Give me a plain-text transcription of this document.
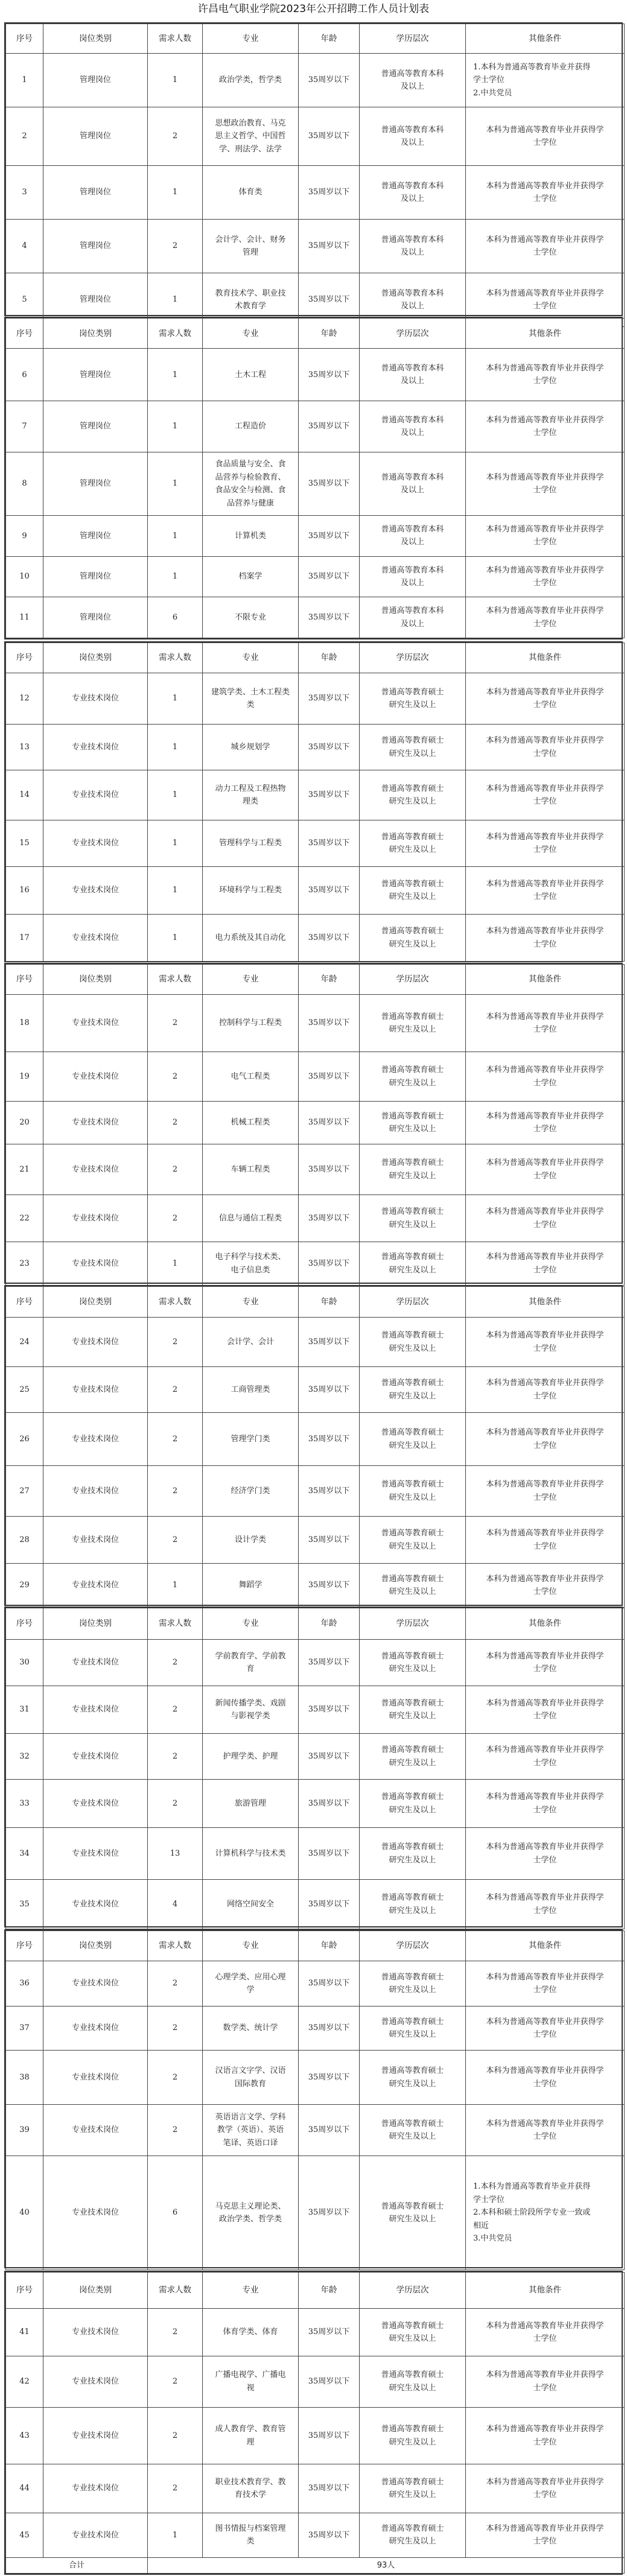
许昌电气职业学院2023年公开招聘工作人员计划表
序号	岗位类别	需求人数	专业	年龄	学历层次	其他条件
1	管理岗位	1	政治学类，哲学类	35周岁以下	普通高等教育本科
及以上	1.本科为普通高等教育毕业并获得
学士学位
2.中共党员
2	管理岗位	2	思想政治教育、马克
思主义哲学、中国哲
学、刑法学、法学	35周岁以下	普通高等教育本科
及以上	本科为普通高等教育毕业并获得学
士学位
3	管理岗位	1	体育类	35周岁以下	普通高等教育本科
及以上	本科为普通高等教育毕业并获得学
士学位
4	管理岗位	2	会计学、会计、财务
管理	35周岁以下	普通高等教育本科
及以上	本科为普通高等教育毕业并获得学
士学位
5	管理岗位	1	教育技术学、职业技
术教育学	35周岁以下	普通高等教育本科
及以上	本科为普通高等教育毕业并获得学
士学位
序号	岗位类别	需求人数	专业	年龄	学历层次	其他条件
6	管理岗位	1	土木工程	35周岁以下	普通高等教育本科
及以上	本科为普通高等教育毕业并获得学
士学位
7	管理岗位	1	工程造价	35周岁以下	普通高等教育本科
及以上	本科为普通高等教育毕业并获得学
士学位
8	管理岗位	1	食品质量与安全、食
品营养与检验教育、
食品安全与检测、食
品营养与健康	35周岁以下	普通高等教育本科
及以上	本科为普通高等教育毕业并获得学
士学位
9	管理岗位	1	计算机类	35周岁以下	普通高等教育本科
及以上	本科为普通高等教育毕业并获得学
士学位
10	管理岗位	1	档案学	35周岁以下	普通高等教育本科
及以上	本科为普通高等教育毕业并获得学
士学位
11	管理岗位	6	不限专业	35周岁以下	普通高等教育本科
及以上	本科为普通高等教育毕业并获得学
士学位
序号	岗位类别	需求人数	专业	年龄	学历层次	其他条件
12	专业技术岗位	1	建筑学类、土木工程类
类	35周岁以下	普通高等教育硕士
研究生及以上	本科为普通高等教育毕业并获得学
士学位
13	专业技术岗位	1	城乡规划学	35周岁以下	普通高等教育硕士
研究生及以上	本科为普通高等教育毕业并获得学
士学位
14	专业技术岗位	1	动力工程及工程热物
理类	35周岁以下	普通高等教育硕士
研究生及以上	本科为普通高等教育毕业并获得学
士学位
15	专业技术岗位	1	管理科学与工程类	35周岁以下	普通高等教育硕士
研究生及以上	本科为普通高等教育毕业并获得学
士学位
16	专业技术岗位	1	环境科学与工程类	35周岁以下	普通高等教育硕士
研究生及以上	本科为普通高等教育毕业并获得学
士学位
17	专业技术岗位	1	电力系统及其自动化	35周岁以下	普通高等教育硕士
研究生及以上	本科为普通高等教育毕业并获得学
士学位
序号	岗位类别	需求人数	专业	年龄	学历层次	其他条件
18	专业技术岗位	2	控制科学与工程类	35周岁以下	普通高等教育硕士
研究生及以上	本科为普通高等教育毕业并获得学
士学位
19	专业技术岗位	2	电气工程类	35周岁以下	普通高等教育硕士
研究生及以上	本科为普通高等教育毕业并获得学
士学位
20	专业技术岗位	2	机械工程类	35周岁以下	普通高等教育硕士
研究生及以上	本科为普通高等教育毕业并获得学
士学位
21	专业技术岗位	2	车辆工程类	35周岁以下	普通高等教育硕士
研究生及以上	本科为普通高等教育毕业并获得学
士学位
22	专业技术岗位	2	信息与通信工程类	35周岁以下	普通高等教育硕士
研究生及以上	本科为普通高等教育毕业并获得学
士学位
23	专业技术岗位	1	电子科学与技术类、
电子信息类	35周岁以下	普通高等教育硕士
研究生及以上	本科为普通高等教育毕业并获得学
士学位
序号	岗位类别	需求人数	专业	年龄	学历层次	其他条件
24	专业技术岗位	2	会计学、会计	35周岁以下	普通高等教育硕士
研究生及以上	本科为普通高等教育毕业并获得学
士学位
25	专业技术岗位	2	工商管理类	35周岁以下	普通高等教育硕士
研究生及以上	本科为普通高等教育毕业并获得学
士学位
26	专业技术岗位	2	管理学门类	35周岁以下	普通高等教育硕士
研究生及以上	本科为普通高等教育毕业并获得学
士学位
27	专业技术岗位	2	经济学门类	35周岁以下	普通高等教育硕士
研究生及以上	本科为普通高等教育毕业并获得学
士学位
28	专业技术岗位	2	设计学类	35周岁以下	普通高等教育硕士
研究生及以上	本科为普通高等教育毕业并获得学
士学位
29	专业技术岗位	1	舞蹈学	35周岁以下	普通高等教育硕士
研究生及以上	本科为普通高等教育毕业并获得学
士学位
序号	岗位类别	需求人数	专业	年龄	学历层次	其他条件
30	专业技术岗位	2	学前教育学、学前教
育	35周岁以下	普通高等教育硕士
研究生及以上	本科为普通高等教育毕业并获得学
士学位
31	专业技术岗位	2	新闻传播学类、戏剧
与影视学类	35周岁以下	普通高等教育硕士
研究生及以上	本科为普通高等教育毕业并获得学
士学位
32	专业技术岗位	2	护理学类、护理	35周岁以下	普通高等教育硕士
研究生及以上	本科为普通高等教育毕业并获得学
士学位
33	专业技术岗位	2	旅游管理	35周岁以下	普通高等教育硕士
研究生及以上	本科为普通高等教育毕业并获得学
士学位
34	专业技术岗位	13	计算机科学与技术类	35周岁以下	普通高等教育硕士
研究生及以上	本科为普通高等教育毕业并获得学
士学位
35	专业技术岗位	4	网络空间安全	35周岁以下	普通高等教育硕士
研究生及以上	本科为普通高等教育毕业并获得学
士学位
序号	岗位类别	需求人数	专业	年龄	学历层次	其他条件
36	专业技术岗位	2	心理学类、应用心理
学	35周岁以下	普通高等教育硕士
研究生及以上	本科为普通高等教育毕业并获得学
士学位
37	专业技术岗位	2	数学类、统计学	35周岁以下	普通高等教育硕士
研究生及以上	本科为普通高等教育毕业并获得学
士学位
38	专业技术岗位	2	汉语言文字学、汉语
国际教育	35周岁以下	普通高等教育硕士
研究生及以上	本科为普通高等教育毕业并获得学
士学位
39	专业技术岗位	2	英语语言文学、学科
教学（英语）、英语
笔译、英语口译	35周岁以下	普通高等教育硕士
研究生及以上	本科为普通高等教育毕业并获得学
士学位
40	专业技术岗位	6	马克思主义理论类、
政治学类、哲学类	35周岁以下	普通高等教育硕士
研究生及以上	1.本科为普通高等教育毕业并获得
学士学位
2.本科和硕士阶段所学专业一致或
相近
3.中共党员
序号	岗位类别	需求人数	专业	年龄	学历层次	其他条件
41	专业技术岗位	2	体育学类、体育	35周岁以下	普通高等教育硕士
研究生及以上	本科为普通高等教育毕业并获得学
士学位
42	专业技术岗位	2	广播电视学、广播电
视	35周岁以下	普通高等教育硕士
研究生及以上	本科为普通高等教育毕业并获得学
士学位
43	专业技术岗位	2	成人教育学、教育管
理	35周岁以下	普通高等教育硕士
研究生及以上	本科为普通高等教育毕业并获得学
士学位
44	专业技术岗位	2	职业技术教育学、教
育技术学	35周岁以下	普通高等教育硕士
研究生及以上	本科为普通高等教育毕业并获得学
士学位
45	专业技术岗位	1	图书情报与档案管理
类	35周岁以下	普通高等教育硕士
研究生及以上	本科为普通高等教育毕业并获得学
士学位
合计		93人				
